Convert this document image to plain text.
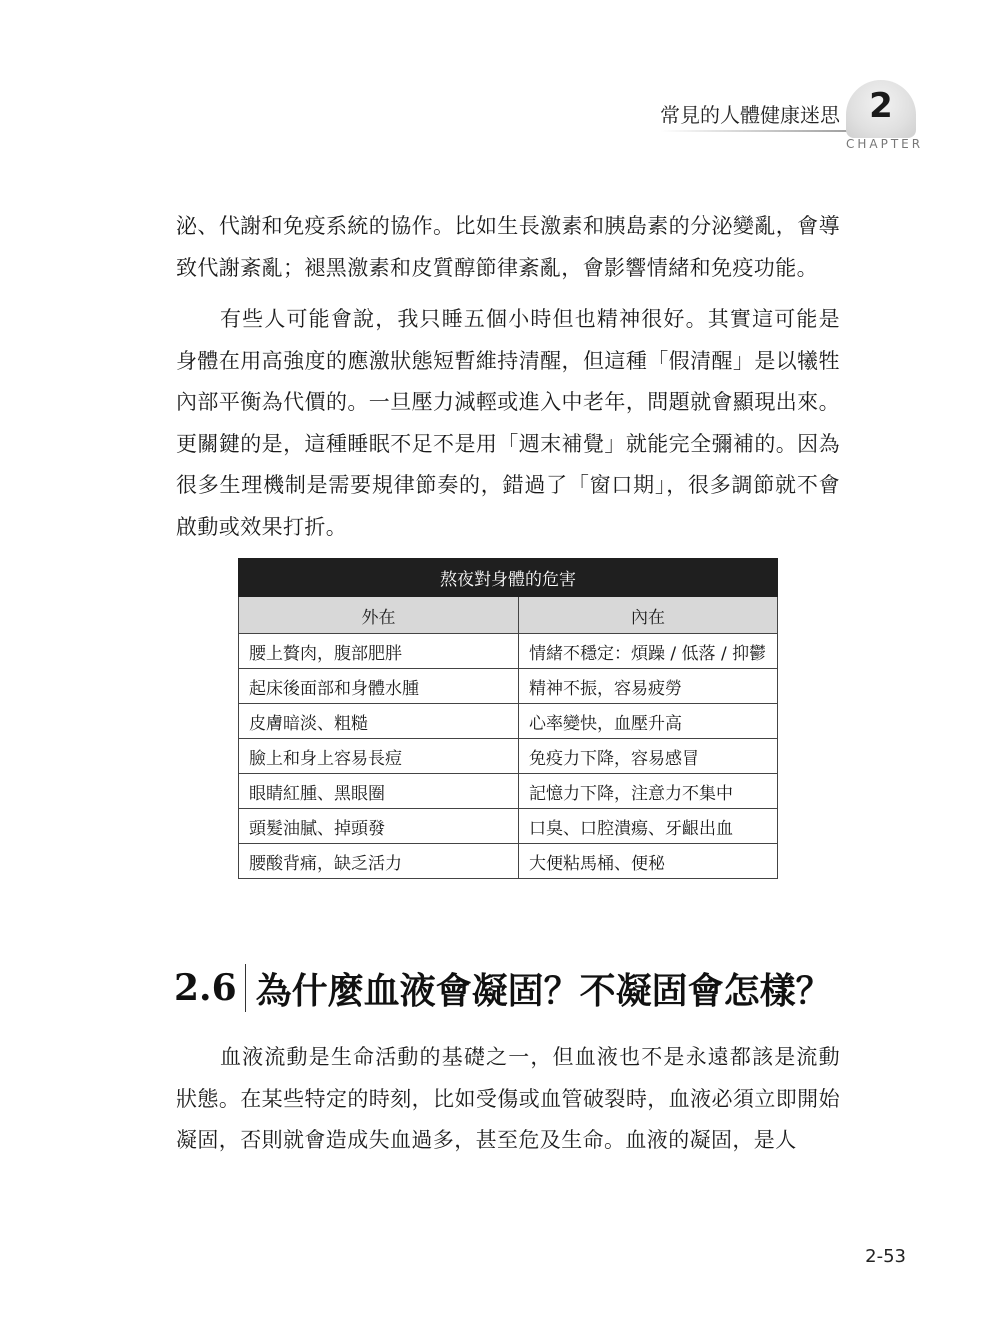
常見的人體健康迷思 2
CHAPTER

泌、代謝和免疫系統的協作。比如生長激素和胰島素的分泌變亂，會導致代謝紊亂；褪黑激素和皮質醇節律紊亂，會影響情緒和免疫功能。

有些人可能會說，我只睡五個小時但也精神很好。其實這可能是身體在用高強度的應激狀態短暫維持清醒，但這種「假清醒」是以犧牲內部平衡為代價的。一旦壓力減輕或進入中老年，問題就會顯現出來。更關鍵的是，這種睡眠不足不是用「週末補覺」就能完全彌補的。因為很多生理機制是需要規律節奏的，錯過了「窗口期」，很多調節就不會啟動或效果打折。

熬夜對身體的危害	
外在	內在
腰上贅肉，腹部肥胖	情緒不穩定：煩躁 / 低落 / 抑鬱
起床後面部和身體水腫	精神不振，容易疲勞
皮膚暗淡、粗糙	心率變快，血壓升高
臉上和身上容易長痘	免疫力下降，容易感冒
眼睛紅腫、黑眼圈	記憶力下降，注意力不集中
頭髮油膩、掉頭發	口臭、口腔潰瘍、牙齦出血
腰酸背痛，缺乏活力	大便粘馬桶、便秘
2.6 為什麼血液會凝固？不凝固會怎樣？

血液流動是生命活動的基礎之一，但血液也不是永遠都該是流動狀態。在某些特定的時刻，比如受傷或血管破裂時，血液必須立即開始凝固，否則就會造成失血過多，甚至危及生命。血液的凝固，是人

2-53
